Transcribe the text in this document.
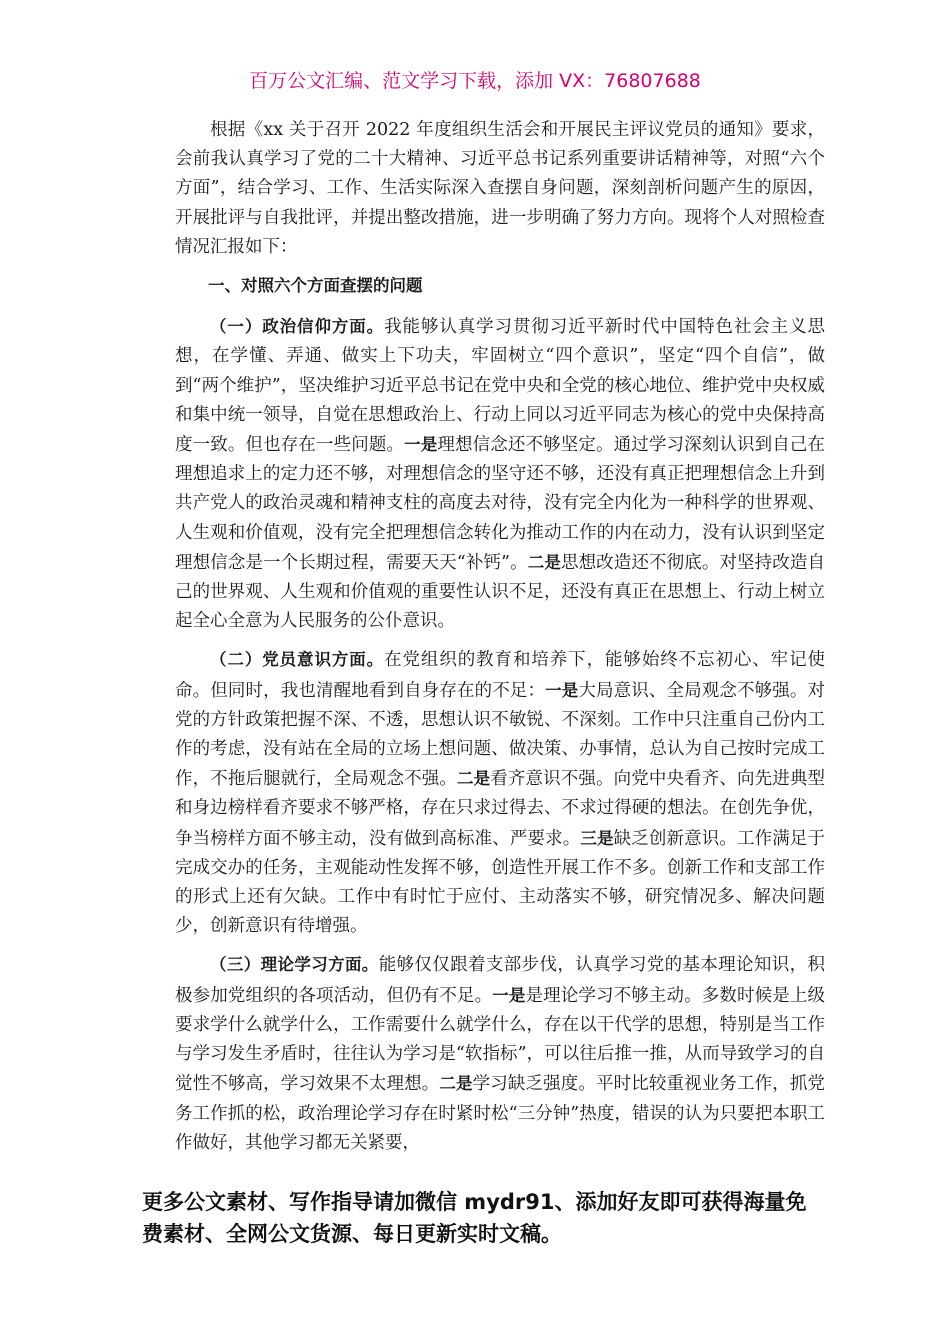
百万公文汇编、范文学习下载，添加 VX：76807688

根据《xx 关于召开 2022 年度组织生活会和开展民主评议党员的通知》要求，会前我认真学习了党的二十大精神、习近平总书记系列重要讲话精神等，对照“六个方面”，结合学习、工作、生活实际深入查摆自身问题，深刻剖析问题产生的原因，开展批评与自我批评，并提出整改措施，进一步明确了努力方向。现将个人对照检查情况汇报如下：

一、对照六个方面查摆的问题

（一）政治信仰方面。我能够认真学习贯彻习近平新时代中国特色社会主义思想，在学懂、弄通、做实上下功夫，牢固树立“四个意识”，坚定“四个自信”，做到“两个维护”，坚决维护习近平总书记在党中央和全党的核心地位、维护党中央权威和集中统一领导，自觉在思想政治上、行动上同以习近平同志为核心的党中央保持高度一致。但也存在一些问题。一是理想信念还不够坚定。通过学习深刻认识到自己在理想追求上的定力还不够，对理想信念的坚守还不够，还没有真正把理想信念上升到共产党人的政治灵魂和精神支柱的高度去对待，没有完全内化为一种科学的世界观、人生观和价值观，没有完全把理想信念转化为推动工作的内在动力，没有认识到坚定理想信念是一个长期过程，需要天天“补钙”。二是思想改造还不彻底。对坚持改造自己的世界观、人生观和价值观的重要性认识不足，还没有真正在思想上、行动上树立起全心全意为人民服务的公仆意识。

（二）党员意识方面。在党组织的教育和培养下，能够始终不忘初心、牢记使命。但同时，我也清醒地看到自身存在的不足：一是大局意识、全局观念不够强。对党的方针政策把握不深、不透，思想认识不敏锐、不深刻。工作中只注重自己份内工作的考虑，没有站在全局的立场上想问题、做决策、办事情，总认为自己按时完成工作，不拖后腿就行，全局观念不强。二是看齐意识不强。向党中央看齐、向先进典型和身边榜样看齐要求不够严格，存在只求过得去、不求过得硬的想法。在创先争优，争当榜样方面不够主动，没有做到高标准、严要求。三是缺乏创新意识。工作满足于完成交办的任务，主观能动性发挥不够，创造性开展工作不多。创新工作和支部工作的形式上还有欠缺。工作中有时忙于应付、主动落实不够，研究情况多、解决问题少，创新意识有待增强。

（三）理论学习方面。能够仅仅跟着支部步伐，认真学习党的基本理论知识，积极参加党组织的各项活动，但仍有不足。一是是理论学习不够主动。多数时候是上级要求学什么就学什么，工作需要什么就学什么，存在以干代学的思想，特别是当工作与学习发生矛盾时，往往认为学习是“软指标”，可以往后推一推，从而导致学习的自觉性不够高，学习效果不太理想。二是学习缺乏强度。平时比较重视业务工作，抓党务工作抓的松，政治理论学习存在时紧时松“三分钟”热度，错误的认为只要把本职工作做好，其他学习都无关紧要，

更多公文素材、写作指导请加微信 mydr91、添加好友即可获得海量免费素材、全网公文货源、每日更新实时文稿。
